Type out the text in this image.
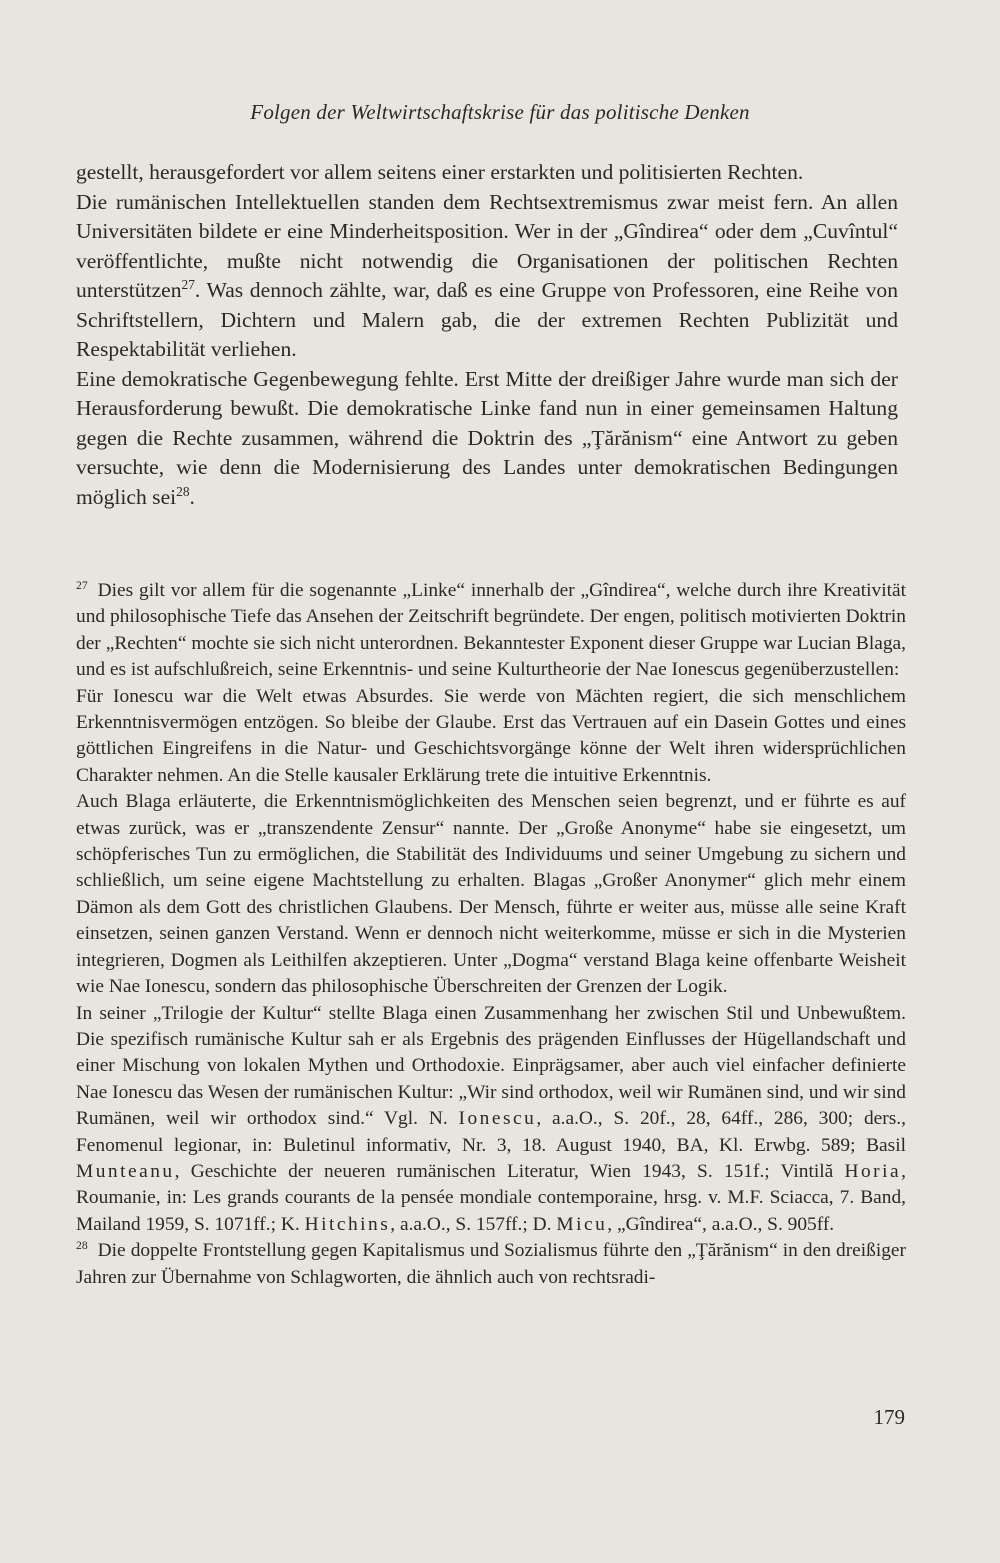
Folgen der Weltwirtschaftskrise für das politische Denken

gestellt, herausgefordert vor allem seitens einer erstarkten und politisierten Rechten.

Die rumänischen Intellektuellen standen dem Rechtsextremismus zwar meist fern. An allen Universitäten bildete er eine Minderheitsposition. Wer in der „Gîndirea“ oder dem „Cuvîntul“ veröffentlichte, mußte nicht notwendig die Organisationen der politischen Rechten unterstützen$^{27}$. Was dennoch zählte, war, daß es eine Gruppe von Professoren, eine Reihe von Schriftstellern, Dichtern und Malern gab, die der extremen Rechten Publizität und Respektabilität verliehen.

Eine demokratische Gegenbewegung fehlte. Erst Mitte der dreißiger Jahre wurde man sich der Herausforderung bewußt. Die demokratische Linke fand nun in einer gemeinsamen Haltung gegen die Rechte zusammen, während die Doktrin des „Ţărănism“ eine Antwort zu geben versuchte, wie denn die Modernisierung des Landes unter demokratischen Bedingungen möglich sei$^{28}$.

$^{27}$ Dies gilt vor allem für die sogenannte „Linke“ innerhalb der „Gîndirea“, welche durch ihre Kreativität und philosophische Tiefe das Ansehen der Zeitschrift begründete. Der engen, politisch motivierten Doktrin der „Rechten“ mochte sie sich nicht unterordnen. Bekanntester Exponent dieser Gruppe war Lucian Blaga, und es ist aufschlußreich, seine Erkenntnis- und seine Kulturtheorie der Nae Ionescus gegenüberzustellen:

Für Ionescu war die Welt etwas Absurdes. Sie werde von Mächten regiert, die sich menschlichem Erkenntnisvermögen entzögen. So bleibe der Glaube. Erst das Vertrauen auf ein Dasein Gottes und eines göttlichen Eingreifens in die Natur- und Geschichtsvorgänge könne der Welt ihren widersprüchlichen Charakter nehmen. An die Stelle kausaler Erklärung trete die intuitive Erkenntnis.

Auch Blaga erläuterte, die Erkenntnismöglichkeiten des Menschen seien begrenzt, und er führte es auf etwas zurück, was er „transzendente Zensur“ nannte. Der „Große Anonyme“ habe sie eingesetzt, um schöpferisches Tun zu ermöglichen, die Stabilität des Individuums und seiner Umgebung zu sichern und schließlich, um seine eigene Machtstellung zu erhalten. Blagas „Großer Anonymer“ glich mehr einem Dämon als dem Gott des christlichen Glaubens. Der Mensch, führte er weiter aus, müsse alle seine Kraft einsetzen, seinen ganzen Verstand. Wenn er dennoch nicht weiterkomme, müsse er sich in die Mysterien integrieren, Dogmen als Leithilfen akzeptieren. Unter „Dogma“ verstand Blaga keine offenbarte Weisheit wie Nae Ionescu, sondern das philosophische Überschreiten der Grenzen der Logik.

In seiner „Trilogie der Kultur“ stellte Blaga einen Zusammenhang her zwischen Stil und Unbewußtem. Die spezifisch rumänische Kultur sah er als Ergebnis des prägenden Einflusses der Hügellandschaft und einer Mischung von lokalen Mythen und Orthodoxie. Einprägsamer, aber auch viel einfacher definierte Nae Ionescu das Wesen der rumänischen Kultur: „Wir sind orthodox, weil wir Rumänen sind, und wir sind Rumänen, weil wir orthodox sind.“ Vgl. N. Ionescu, a.a.O., S. 20f., 28, 64ff., 286, 300; ders., Fenomenul legionar, in: Buletinul informativ, Nr. 3, 18. August 1940, BA, Kl. Erwbg. 589; Basil Munteanu, Geschichte der neueren rumänischen Literatur, Wien 1943, S. 151f.; Vintilă Horia, Roumanie, in: Les grands courants de la pensée mondiale contemporaine, hrsg. v. M.F. Sciacca, 7. Band, Mailand 1959, S. 1071ff.; K. Hitchins, a.a.O., S. 157ff.; D. Micu, „Gîndirea“, a.a.O., S. 905ff.

$^{28}$ Die doppelte Frontstellung gegen Kapitalismus und Sozialismus führte den „Ţărănism“ in den dreißiger Jahren zur Übernahme von Schlagworten, die ähnlich auch von rechtsradi-

179
